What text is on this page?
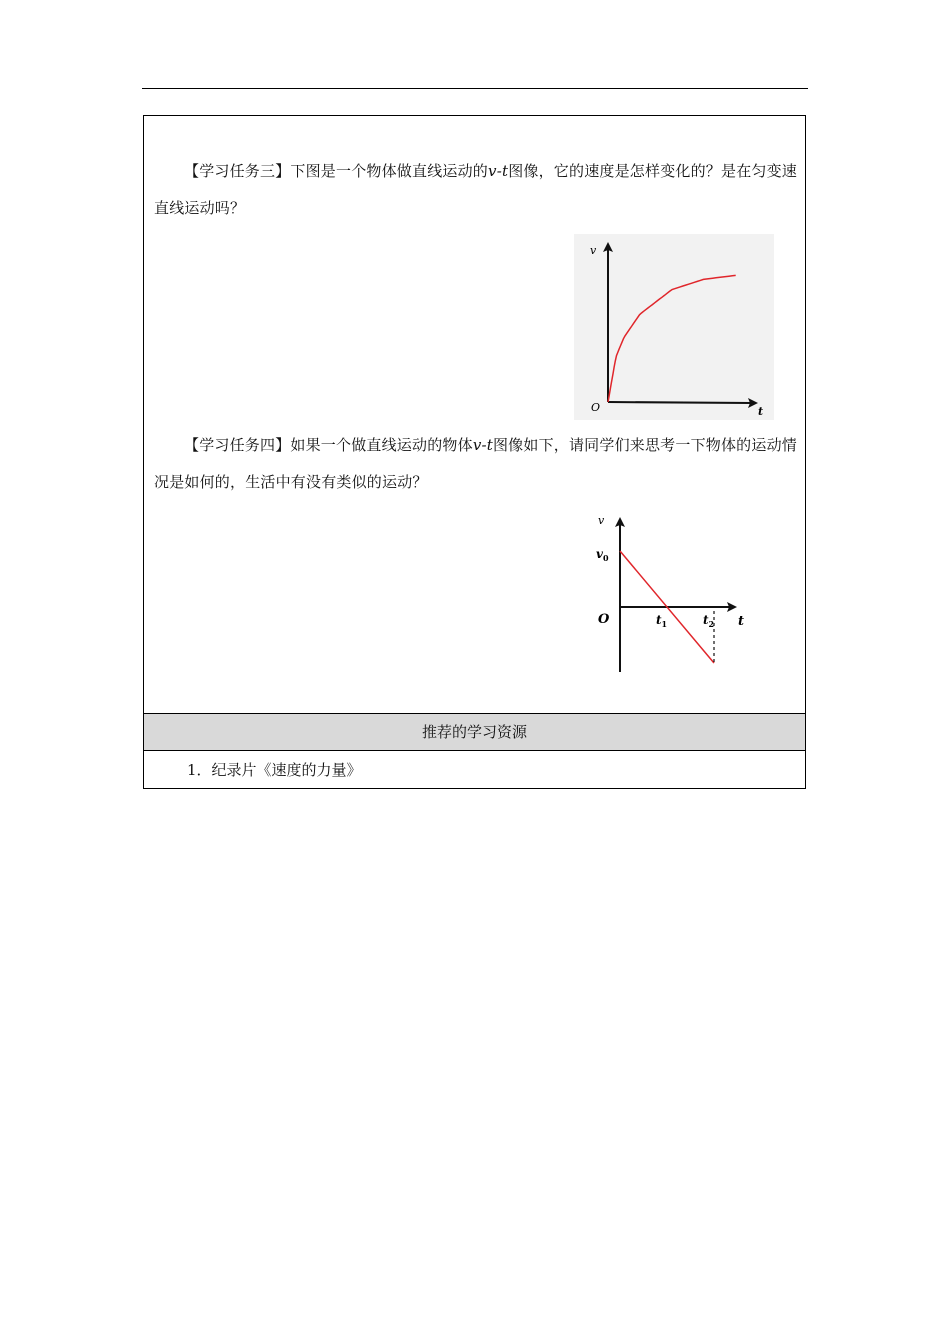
【学习任务三】下图是一个物体做直线运动的v-t图像，它的速度是怎样变化的？是在匀变速直线运动吗？

v
O	t

【学习任务四】如果一个做直线运动的物体v-t图像如下，请同学们来思考一下物体的运动情况是如何的，生活中有没有类似的运动？

v
$v_0$
O	$t_1$	$t_2$ t
推荐的学习资源
1．纪录片《速度的力量》
